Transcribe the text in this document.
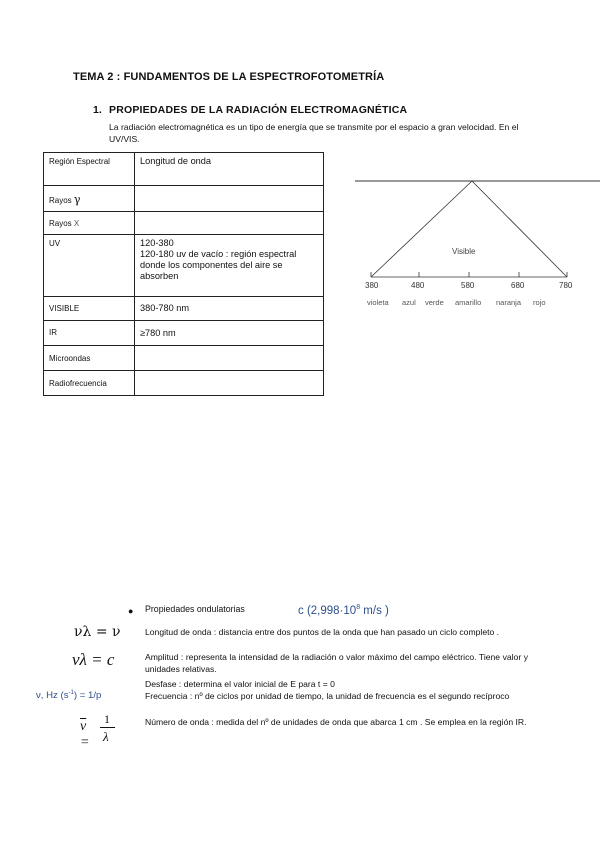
TEMA 2 : FUNDAMENTOS DE LA ESPECTROFOTOMETRÍA
1. PROPIEDADES DE LA RADIACIÓN ELECTROMAGNÉTICA
La radiación electromagnética es un tipo de energía que se transmite por el espacio a gran velocidad. En el UV/VIS.
Región Espectral	Longitud de onda
Rayos γ	
Rayos X	
UV	120-380
120-180 uv de vacío : región espectral donde los componentes del aire se absorben
VISIBLE	380-780 nm
IR	≥780 nm
Microondas	
Radiofrecuencia	
Visible
380	480	580	680	780
violeta azul verde amarillo naranja rojo
● Propiedades ondulatorias	c ($2,998\cdot 10^8$ m/s )
νλ = ν
νλ = c
ν, Hz $(s^{-1}) = 1/p$
$\overline{\nu}$ =
1
λ
Longitud de onda : distancia entre dos puntos de la onda que han pasado un ciclo completo .
Amplitud : representa la intensidad de la radiación o valor máximo del campo eléctrico. Tiene valor y unidades relativas.
Desfase : determina el valor inicial de E para t = 0
Frecuencia : nº de ciclos por unidad de tiempo, la unidad de frecuencia es el segundo recíproco
Número de onda : medida del nº de unidades de onda que abarca 1 cm . Se emplea en la región IR.
